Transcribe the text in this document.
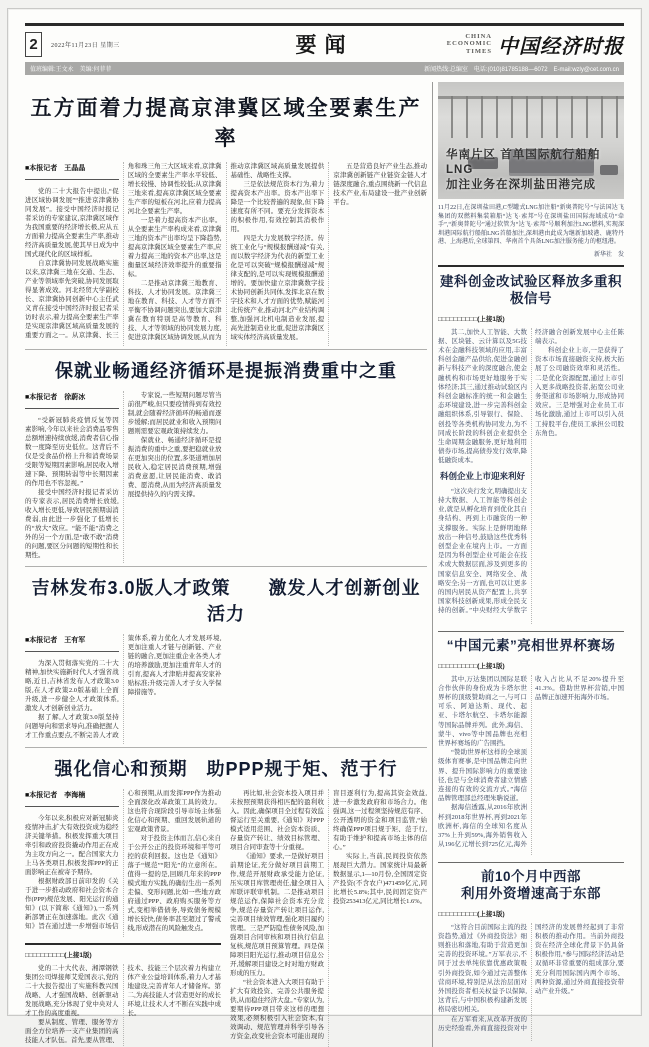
2	2022年11月23日 星期三	要闻	CHINA
ECONOMIC
TIMES 中国经济时报
值班编辑:王文永　美编:何菲菲	新闻热线:总编室　电话:(010)81785188—6072　E-mail:wzly@cet.com.cn
五方面着力提高京津冀区域全要素生产率
■本报记者　王晶晶

党的二十大报告中提出,“促进区域协调发展”“推进京津冀协同发展”。接受中国经济时报记者采访的专家建议,京津冀区域作为我国重要的经济增长极,应从五方面着力提高全要素生产率,推动经济高质量发展,使其早日成为中国式现代化的区域样板。

自京津冀协同发展战略实施以来,京津冀三地在交通、生态、产业等领域率先突破,协同发展取得显著成效。河北经贸大学副校长、京津冀协同创新中心主任武义青在接受中国经济时报记者采访时表示,着力提高全要素生产率是实现京津冀区域高质量发展的重要方面之一。从京津冀、长三角和珠三角三大区域来看,京津冀区域的全要素生产率水平较低、增长较慢、协调性较低;从京津冀三地来看,提高京津冀区域全要素生产率的短板在河北,应着力提高河北全要素生产率。

一是着力提高资本产出率。从全要素生产率构成来看,京津冀三地的资本产出率均呈下降趋势,提高京津冀区域全要素生产率,应着力提高三地的资本产出率,这是衡量区域经济效率提升的重要指标。

二是推动京津冀三地教育、科技、人才协同发展。京津冀三地在教育、科技、人才等方面不平衡不协调问题突出,要加大京津冀在教育特别是高等教育、科技、人才等领域的协同发展力度,促进京津冀区域协调发展,从而为推动京津冀区域高质量发展提供基础性、战略性支撑。

三是依法规范资本行为,着力提高资本产出率。资本产出率下降是一个比较普遍的现象,但下降速度有所不同。要充分发挥资本的积极作用,有效控制其消极作用。

四是大力发展数字经济。传统工业化与“规模报酬递减”有关,而以数字经济为代表的新型工业化是可以突破“规模报酬递减”规律支配的,是可以实现规模报酬递增的。要加快建立京津冀数字技术协同创新共同体,发挥北京在数字技术和人才方面的优势,赋能河北传统产业,推动河北产业结构调整,加强河北机电制造业发展,提高先进制造业比重,促进京津冀区域实体经济高质量发展。

五是营造良好产业生态,推动京津冀创新链产业链资金链人才链深度融合,重点围绕新一代信息技术产业,布局建设一批产业创新平台。

保就业畅通经济循环是提振消费重中之重
■本报记者　徐蔚冰

“受新冠肺炎疫情反复等因素影响,今年以来社会消费品零售总额增速持续放缓,消费者信心指数一度降至历史低位。这背后不仅是受食品价格上升和消费场景受限等短期因素影响,居民收入增速下降、预期转弱等中长期因素的作用也不容忽视。”

接受中国经济时报记者采访的专家表示,居民消费增长放缓,收入增长更低,导致居民预期弱消费弱,由此进一步强化了低增长的“放大”效应。“能不能”消费之外的另一个方面,是“敢不敢”消费的问题,要区分问题的短期性和长期性。

专家说,一些短期问题尽管当前很严峻,但只要疫情得到有效控制,就会随着经济循环的畅通而逐步缓解;而居民就业和收入预期问题则需要宏观政策持续发力。

保就业、畅通经济循环是提振消费的重中之重,要把稳就业放在更加突出的位置,多渠道增加居民收入,稳定居民消费预期,增强消费意愿,让居民能消费、敢消费、愿消费,从而为经济高质量发展提供持久的内需支撑。

吉林发布3.0版人才政策　　激发人才创新创业活力
■本报记者　王有军

为深入贯彻落实党的二十大精神,加快实施新时代人才强省战略,近日,吉林省发布人才政策3.0版,在人才政策2.0版基础上全面升级,进一步健全人才政策体系,激发人才创新创业活力。

据了解,人才政策3.0版坚持问题导向和需求导向,准确把握人才工作重点要点,不断完善人才政策体系,着力优化人才发展环境,更加注重人才链与创新链、产业链的融合,更加注重企业各类人才的培养激励,更加注重青年人才的引育,提高人才津贴并提高安家补贴标准;升级完善人才子女入学保障措施等。

强化信心和预期　助PPP规于矩、范于行
■本报记者　李海楠

今年以来,积极应对新冠肺炎疫情冲击,扩大有效投资成为稳经济关键举措。积极发挥重大项目牵引和政府投资撬动作用正在成为主攻方向之一。配合国家大力上马各类项目,积极发挥PPP的正面影响正在被寄予期待。

根据财政部日前印发的《关于进一步推动政府和社会资本合作(PPP)规范发展、阳光运行的通知》(以下简称《通知》),一系列新部署正在加速落地。此次《通知》旨在通过进一步增强市场信心和预期,从而发挥PPP作为推动全面深化改革政策工具的效力。这也符合现阶段引导市场主体强化信心和预期、重回发展轨道的宏观政策背景。

对于投资主体而言,信心来自于公开公正的投资环境和平等可控的获利回报。这也是《通知》落子“规范”“阳光”的立意所在。值得一提的是,回顾几年来的PPP模式地方实践,的确衍生出一系列走偏、变形问题,比如一些地方政府通过PPP、政府购买服务等方式,变相举借债务,导致债务规模增长较快,债务率甚至超过了警戒线,形成潜在的风险触发点。

□□□□□□□□□□(上接1版)

党的二十大代表、湘潭钢铁集团公司焊接师艾爱国表示,党的二十大报告提出了实施科教兴国战略、人才强国战略、创新驱动发展战略,充分体现了党中央对人才工作的高度重视。

要从制度、管理、服务等方面全方位培养一支产业集团的高技能人才队伍。首先,要从管理、技术、技能三个层次着力构建立体产业公益培训体系,着力人才基地建设,完善青年人才储备库。第二,为高技能人才营造更好的成长环境,让技术人才不断在实践中成长。

再比如,社会资本投入项目并未按照预期获得相匹配的盈利收入。因此,确保项目全过程有效监督运行至关重要,《通知》对PPP模式适用范围、社会资本资质、存量资产转让、绩效目标管理、项目合同审查等十分重视。

《通知》要求,一是做好项目前期论证,充分做好项目前期工作,规范开展财政承受能力论证,压实项目库管理责任,健全项目入库联评联审机制。二是推动项目规范运作,保障社会资本充分竞争,规范存量资产转让项目运作,完善项目绩效管理,强化项目履约管理。三是严防隐性债务风险,加强项目合同审核和项目执行信息复核,规范项目预算管理。四是保障项目阳光运行,推动项目信息公开,缓解项目建设之时对地方财政形成的压力。

“社会资本进入大项目有助于扩大有效投资、完善公共服务提供,从而稳住经济大盘。”专家认为,要期待PPP项目带来这样的理想效果,必须积极引入社会资本,有效调动、规范管理并科学引导各方资金,改变社会资本可能出现的盲目逐利行为,提高其资金效益,进一步激发政府和市场合力。他强调,这一过程须坚持规范有序、公开透明的资金和项目监管,“始终确保PPP项目规于矩、范于行,有助于维护和提高市场主体的信心。”

实际上,当前,民间投资依然展现巨大潜力。国家统计局最新数据显示,1—10月份,全国固定资产投资(不含农户)471459亿元,同比增长5.8%;其中,民间固定资产投资253413亿元,同比增长1.6%。

华南片区 首单国际航行船舶LNG
加注业务在深圳盐田港完成
11月22日,在深圳盐田港,C型罐式LNG加注船“新奥普陀号”与法国达飞集团的双燃料集装箱船“达飞·索邦”号在深圳盐田国际海域成功“牵手”,“新奥普陀号”通过软管为“达飞·索邦”号顺利加注LNG燃料,实现深圳港国际航行船舶LNG首船加注,深圳港由此成为继新加坡港、鹿特丹港、上海港后,全球第四、华南首个具备LNG加注服务能力的枢纽港。
新华社　发
建科创金改试验区释放多重积极信号
□□□□□□□□□□(上接1版)

其二,加快人工智能、大数据、区块链、云计算以及5G技术在金融科技领域的应用,丰富科创金融产品供给,促进金融创新与科技产业的深度融合,使金融机构和市场更好地服务于实体经济;其三,通过推动试验区内科创金融标准的统一和金融生态环境建设,进一步完善科创金融组织体系,引导银行、保险、创投等各类机构协同发力,为不同成长阶段的科创企业提供全生命周期金融服务,更好地利用债券市场,提高债券发行效率,降低融资成本。

科创企业上市迎来利好

“这次央行发文,明确提出支持大数据、人工智能等科创企业,就是从孵化培育到优化其自身结构、再到上市融资的一种支撑服务。实际上是鲜明地释放出一种信号,鼓励这些优秀科创型企业在境内上市。一方面是因为科创型企业可能会在技术或大数据层面,涉及到更多的国家信息安全、网络安全、战略安全;另一方面,也可以让更多的国内居民从资产配置上,共享国家科技创新成果,形成全民支持的创新。”中央财经大学数字经济融合创新发展中心主任陈端表示。

科创企业上市,一是获得了资本市场直接融资支持,极大拓展了公司融资效率和灵活性。二是优化资源配置,通过上市引入更多战略投资者,拓宽公司业务渠道和市场影响力,形成协同效应。三是增强对企业员工市场化激励,通过上市可以引入员工持股平台,使员工承担公司股东角色。

“中国元素”亮相世界杯赛场
□□□□□□□□□□(上接1版)

其中,万达集团以国际足联合作伙伴的身份成为卡塔尔世界杯的顶级赞助商之一,与可口可乐、阿迪达斯、现代、起亚、卡塔尔航空、卡塔尔能源等国际品牌并列。此外,海信、蒙牛、vivo等中国品牌也亮相世界杯赛场的广告围挡。

“赞助世界杯这样的全球顶级体育赛事,是中国品牌走向世界、提升国际影响力的重要途径,也是与全球消费者建立情感连接的有效的交流方式。”海信品牌管理部总经理朱聃说道。

据海信透露,从2016年欧洲杯到2018年世界杯,再到2021年欧洲杯,海信的全球知名度从37%上升到59%,海外销售收入从196亿元增长到725亿元,海外收入占比从不足20%提升至41.3%。借助世界杯营销,中国品牌正加速开拓海外市场。

前10个月中西部
利用外资增速高于东部
□□□□□□□□□□(上接1版)

“这符合目前国际主流的投资趋势,通过《外商投资法》细则推出和落地,有助于营造更加完善的投资环境。”万军表示,不同于过去单纯依靠优惠政策吸引外商投资,如今通过完善整体营商环境,特别是从法治层面对外国投资者相关权益予以保障,这背后,与中国积极构建新发展格局密切相关。

在万军看来,从改革开放的历史经验看,外商直接投资对中国经济的发展曾经起到了非常积极的推动作用。当前外商投资在经济全球化背景下仍具备积极作用,“参与国际经济活动是双循环非常重要的组成部分,要充分利用国际国内两个市场、两种资源,通过外商直接投资带动产业升级。”
